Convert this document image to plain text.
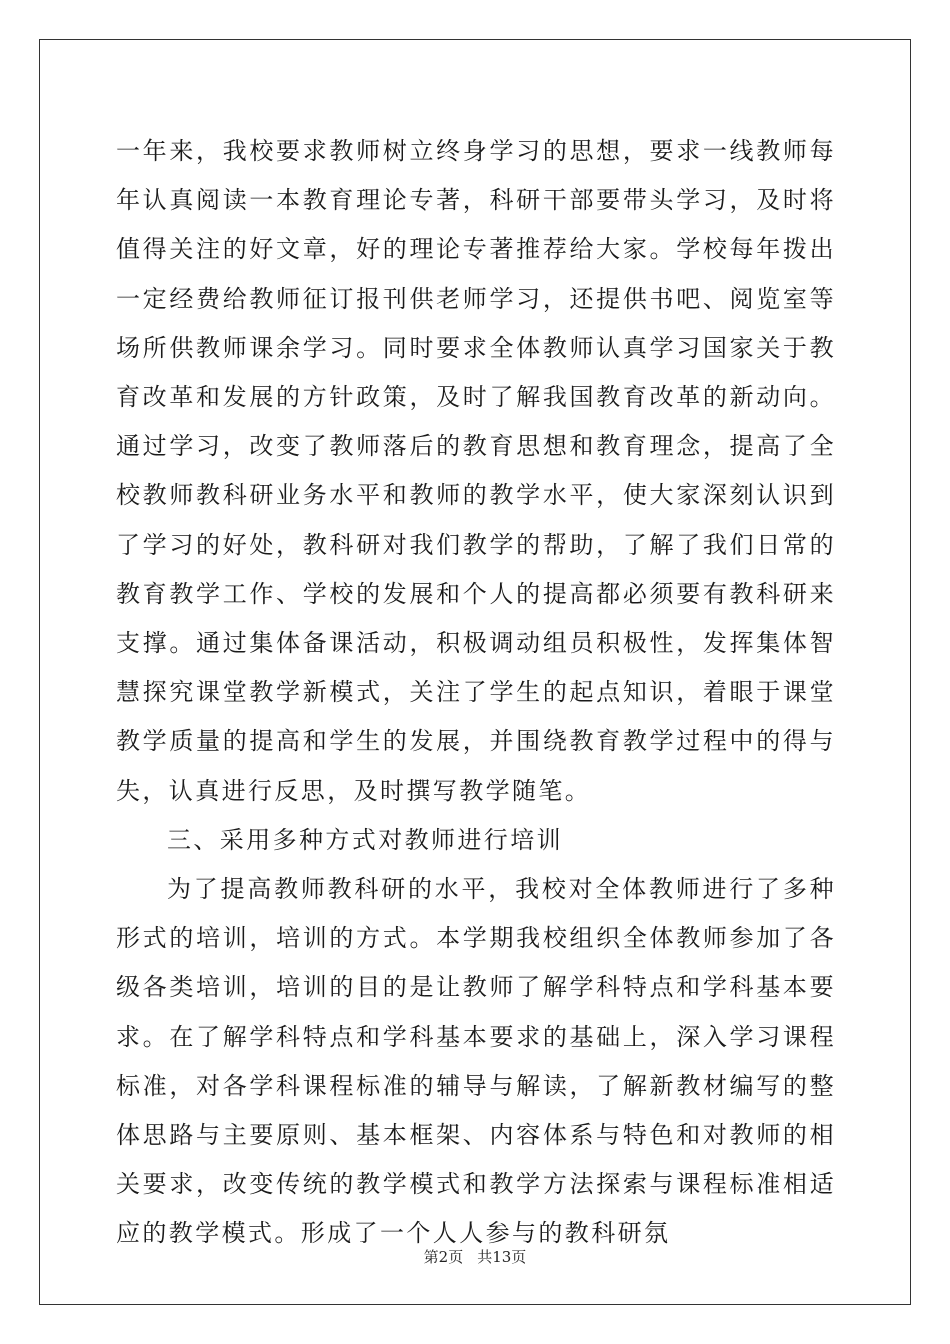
一年来，我校要求教师树立终身学习的思想，要求一线教师每年认真阅读一本教育理论专著，科研干部要带头学习，及时将值得关注的好文章，好的理论专著推荐给大家。学校每年拨出一定经费给教师征订报刊供老师学习，还提供书吧、阅览室等场所供教师课余学习。同时要求全体教师认真学习国家关于教育改革和发展的方针政策，及时了解我国教育改革的新动向。通过学习，改变了教师落后的教育思想和教育理念，提高了全校教师教科研业务水平和教师的教学水平，使大家深刻认识到了学习的好处，教科研对我们教学的帮助，了解了我们日常的教育教学工作、学校的发展和个人的提高都必须要有教科研来支撑。通过集体备课活动，积极调动组员积极性，发挥集体智慧探究课堂教学新模式，关注了学生的起点知识，着眼于课堂教学质量的提高和学生的发展，并围绕教育教学过程中的得与失，认真进行反思，及时撰写教学随笔。

三、采用多种方式对教师进行培训

为了提高教师教科研的水平，我校对全体教师进行了多种形式的培训，培训的方式。本学期我校组织全体教师参加了各级各类培训，培训的目的是让教师了解学科特点和学科基本要求。在了解学科特点和学科基本要求的基础上，深入学习课程标准，对各学科课程标准的辅导与解读，了解新教材编写的整体思路与主要原则、基本框架、内容体系与特色和对教师的相关要求，改变传统的教学模式和教学方法探索与课程标准相适应的教学模式。形成了一个人人参与的教科研氛

第2页 共13页
